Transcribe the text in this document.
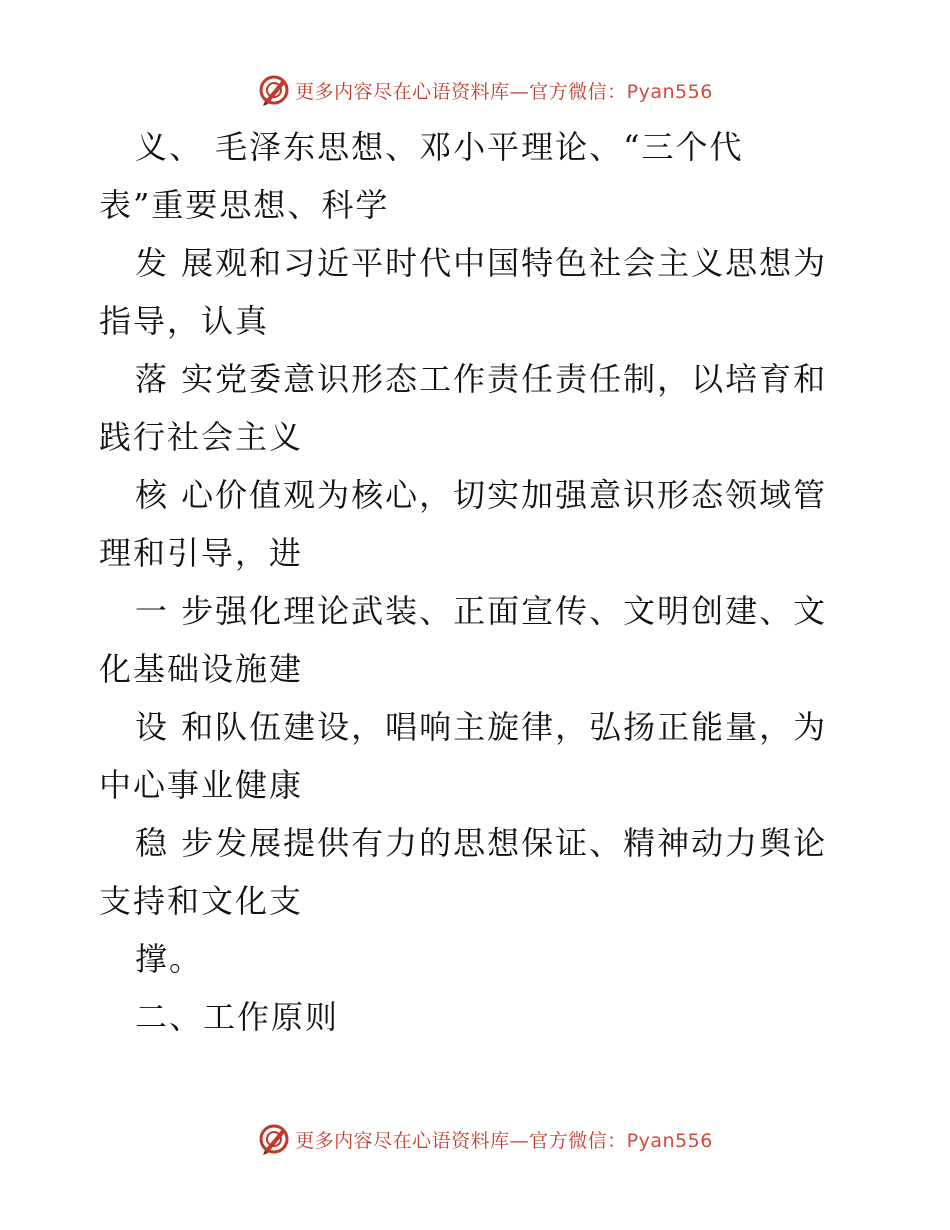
更多内容尽在心语资料库—官方微信：Pyan556
义、 毛泽东思想、邓小平理论、“三个代
表”重要思想、科学
发 展观和习近平时代中国特色社会主义思想为
指导，认真
落 实党委意识形态工作责任责任制，以培育和
践行社会主义
核 心价值观为核心，切实加强意识形态领域管
理和引导，进
一 步强化理论武装、正面宣传、文明创建、文
化基础设施建
设 和队伍建设，唱响主旋律，弘扬正能量，为
中心事业健康
稳 步发展提供有力的思想保证、精神动力舆论
支持和文化支
撑。
二、工作原则
更多内容尽在心语资料库—官方微信：Pyan556
